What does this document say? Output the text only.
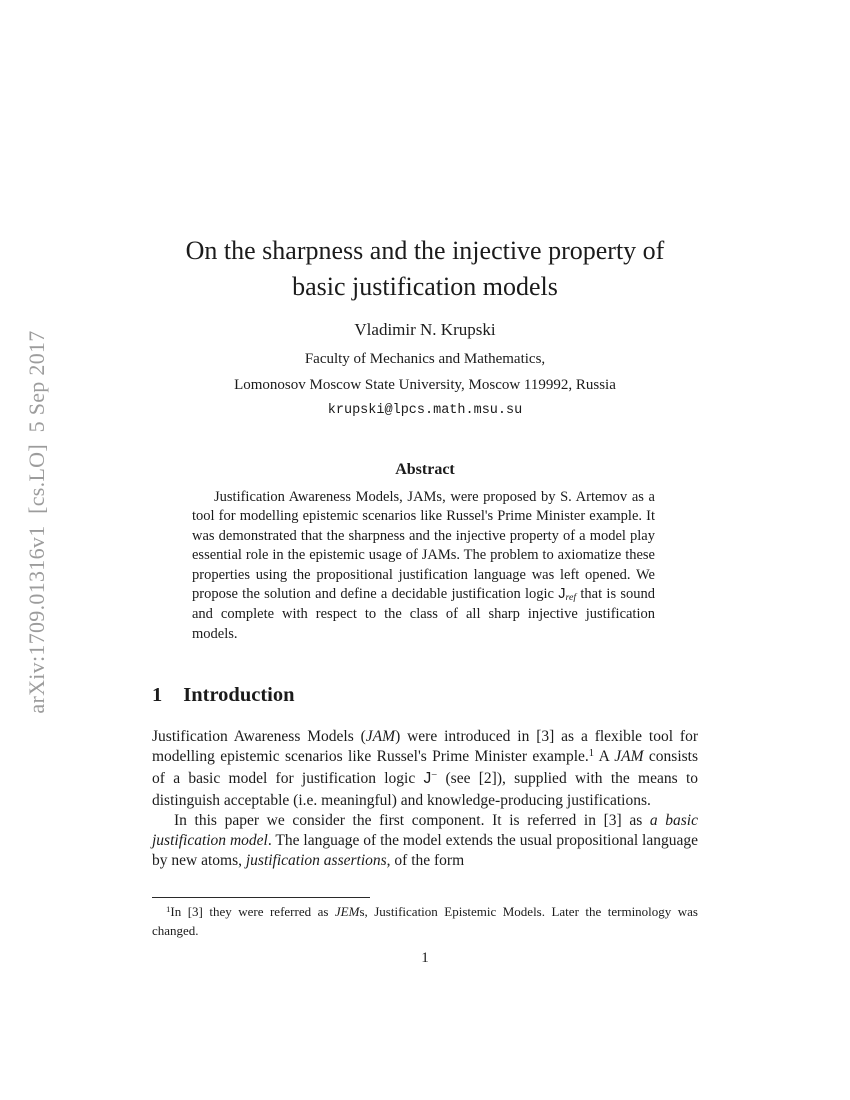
arXiv:1709.01316v1  [cs.LO]  5 Sep 2017
On the sharpness and the injective property of
basic justification models
Vladimir N. Krupski
Faculty of Mechanics and Mathematics,
Lomonosov Moscow State University, Moscow 119992, Russia
krupski@lpcs.math.msu.su
Abstract
Justification Awareness Models, JAMs, were proposed by S. Artemov as a tool for modelling epistemic scenarios like Russel's Prime Minister example. It was demonstrated that the sharpness and the injective property of a model play essential role in the epistemic usage of JAMs. The problem to axiomatize these properties using the propositional justification language was left opened. We propose the solution and define a decidable justification logic Jref that is sound and complete with respect to the class of all sharp injective justification models.
1 Introduction

Justification Awareness Models (JAM) were introduced in [3] as a flexible tool for modelling epistemic scenarios like Russel's Prime Minister example.$^1$ A JAM consists of a basic model for justification logic J− (see [2]), supplied with the means to distinguish acceptable (i.e. meaningful) and knowledge-producing justifications.

In this paper we consider the first component. It is referred in [3] as a basic justification model. The language of the model extends the usual propositional language by new atoms, justification assertions, of the form

$^1$In [3] they were referred as JEMs, Justification Epistemic Models. Later the terminology was changed.

1
